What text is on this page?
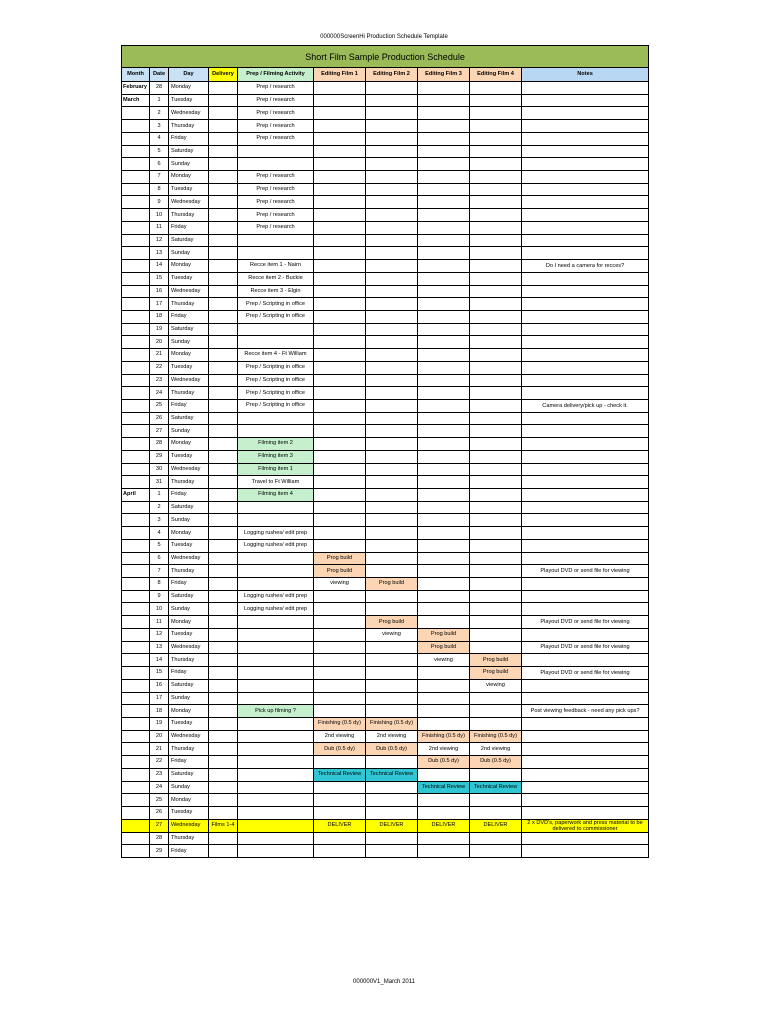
000000ScreenHi Production Schedule Template
Short Film Sample Production Schedule									
Month	Date	Day	Delivery	Prep / Filming Activity	Editing Film 1	Editing Film 2	Editing Film 3	Editing Film 4	Notes
February	28	Monday		Prep / research					
March	1	Tuesday		Prep / research					
	2	Wednesday		Prep / research					
	3	Thursday		Prep / research					
	4	Friday		Prep / research					
	5	Saturday							
	6	Sunday							
	7	Monday		Prep / research					
	8	Tuesday		Prep / research					
	9	Wednesday		Prep / research					
	10	Thursday		Prep / research					
	11	Friday		Prep / research					
	12	Saturday							
	13	Sunday							
	14	Monday		Recce item 1 - Nairn					Do I need a camera for recces?
	15	Tuesday		Recce item 2 - Buckie					
	16	Wednesday		Recce item 3 - Elgin					
	17	Thursday		Prep / Scripting in office					
	18	Friday		Prep / Scripting in office					
	19	Saturday							
	20	Sunday							
	21	Monday		Recce item 4 - Ft William					
	22	Tuesday		Prep / Scripting in office					
	23	Wednesday		Prep / Scripting in office					
	24	Thursday		Prep / Scripting in office					
	25	Friday		Prep / Scripting in office					Camera delivery/pick up - check it.
	26	Saturday							
	27	Sunday							
	28	Monday		Filming item 2					
	29	Tuesday		Filming item 3					
	30	Wednesday		Filming item 1					
	31	Thursday		Travel to Ft William					
April	1	Friday		Filming item 4					
	2	Saturday							
	3	Sunday							
	4	Monday		Logging rushes/ edit prep					
	5	Tuesday		Logging rushes/ edit prep					
	6	Wednesday			Prog build				
	7	Thursday			Prog build				Playout DVD or send file for viewing
	8	Friday			viewing	Prog build			
	9	Saturday		Logging rushes/ edit prep					
	10	Sunday		Logging rushes/ edit prep					
	11	Monday				Prog build			Playout DVD or send file for viewing
	12	Tuesday				viewing	Prog build		
	13	Wednesday					Prog build		Playout DVD or send file for viewing
	14	Thursday					viewing	Prog build	
	15	Friday						Prog build	Playout DVD or send file for viewing
	16	Saturday						viewing	
	17	Sunday							
	18	Monday		Pick up filming ?					Post viewing feedback - need any pick ups?
	19	Tuesday			Finishing (0.5 dy)	Finishing (0.5 dy)			
	20	Wednesday			2nd viewing	2nd viewing	Finishing (0.5 dy)	Finishing (0.5 dy)	
	21	Thursday			Dub (0.5 dy)	Dub (0.5 dy)	2nd viewing	2nd viewing	
	22	Friday					Dub (0.5 dy)	Dub (0.5 dy)	
	23	Saturday			Technical Review	Technical Review			
	24	Sunday					Technical Review	Technical Review	
	25	Monday							
	26	Tuesday							
	27	Wednesday	Films 1-4		DELIVER	DELIVER	DELIVER	DELIVER	2 x DVD's, paperwork and press material to be delivered to commissioner
	28	Thursday							
	29	Friday							
000000V1_March 2011
